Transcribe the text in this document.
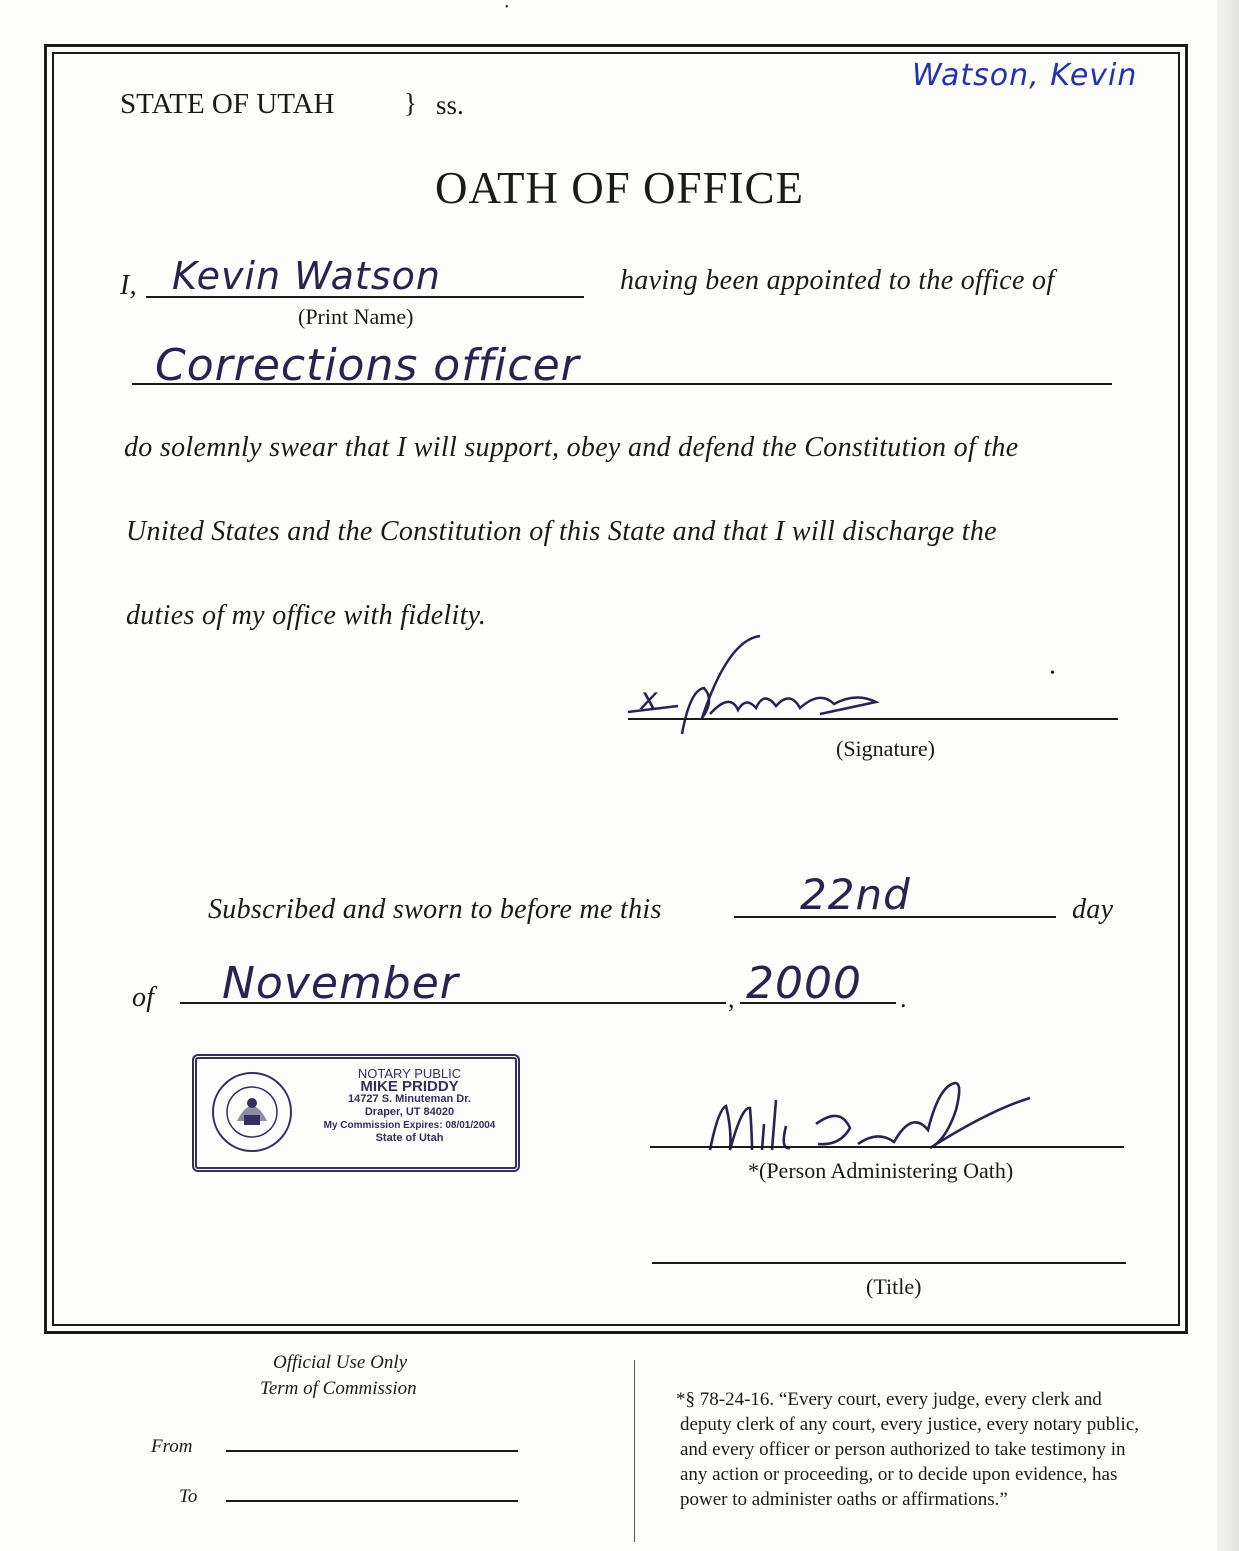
•
STATE OF UTAH	} ss.
Watson, Kevin
OATH OF OFFICE
I, Kevin Watson
(Print Name)
having been appointed to the office of
Corrections officer
do solemnly swear that I will support, obey and defend the Constitution of the
United States and the Constitution of this State and that I will discharge the
duties of my office with fidelity.
x
(Signature)
•
Subscribed and sworn to before me this	22nd	day
of November	, 2000 .
NOTARY PUBLIC
MIKE PRIDDY
14727 S. Minuteman Dr.
Draper, UT 84020
My Commission Expires: 08/01/2004
State of Utah
*(Person Administering Oath)
(Title)
Official Use Only
Term of Commission
From
To
*§ 78-24-16. “Every court, every judge, every clerk and
deputy clerk of any court, every justice, every notary public,
and every officer or person authorized to take testimony in
any action or proceeding, or to decide upon evidence, has
power to administer oaths or affirmations.”
